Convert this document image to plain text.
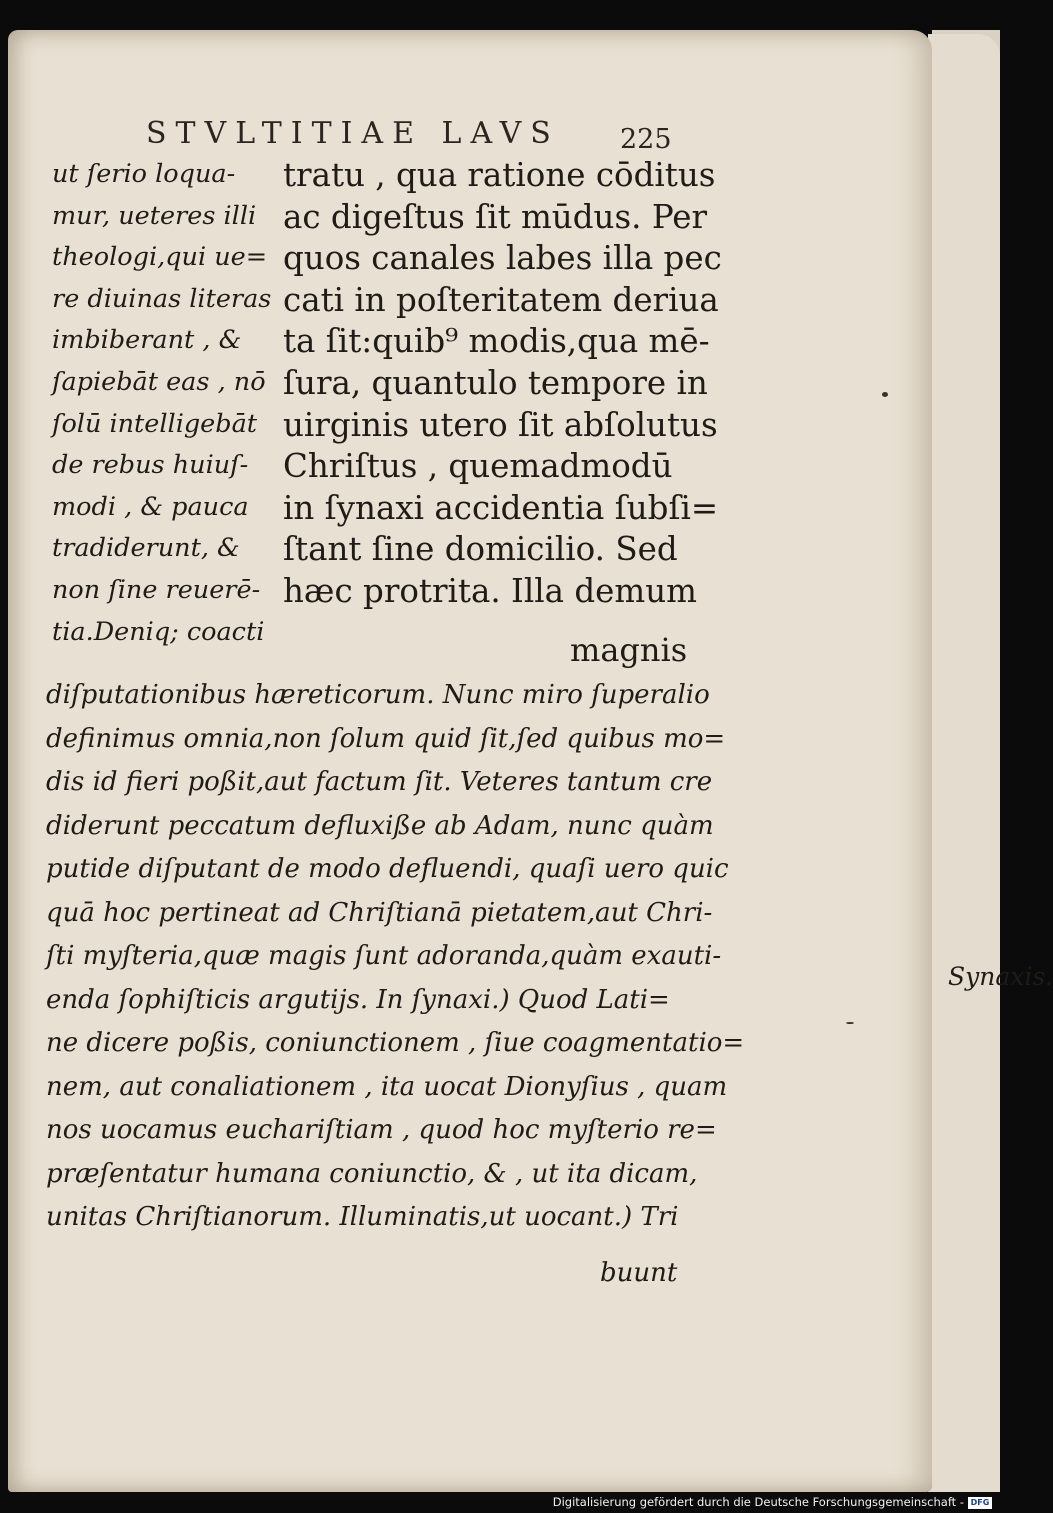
STVLTITIAE LAVS 225
ut ſerio loqua-
mur, ueteres illi
theologi,qui ue=
re diuinas literas
imbiberant , &
ſapiebāt eas , nō
ſolū intelligebāt
de rebus huiuſ-
modi , & pauca
tradiderunt, &
non ſine reuerē-
tia.Deniq; coacti
tratu , qua ratione cōditus
ac digeſtus ſit mūdus. Per
quos canales labes illa pec
cati in poſteritatem deriua
ta ſit:quib⁹ modis,qua mē-
ſura, quantulo tempore in
uirginis utero ſit abſolutus
Chriſtus , quemadmodū
in ſynaxi accidentia ſubſi=
ſtant ſine domicilio. Sed
hæc protrita. Illa demum
magnis
diſputationibus hæreticorum. Nunc miro ſuperalio
definimus omnia,non ſolum quid ſit,ſed quibus mo=
dis id fieri poßit,aut factum ſit. Veteres tantum cre
diderunt peccatum defluxiße ab Adam, nunc quàm
putide diſputant de modo defluendi, quaſi uero quic
quā hoc pertineat ad Chriſtianā pietatem,aut Chri-
ſti myſteria,quæ magis ſunt adoranda,quàm exauti-
enda ſophiſticis argutijs. In ſynaxi.) Quod Lati=
ne dicere poßis, coniunctionem , ſiue coagmentatio=
nem, aut conaliationem , ita uocat Dionyſius , quam
nos uocamus euchariſtiam , quod hoc myſterio re=
præſentatur humana coniunctio, & , ut ita dicam,
unitas Chriſtianorum. Illuminatis,ut uocant.) Tri
buunt
Synaxis.
Digitalisierung gefördert durch die Deutsche Forschungsgemeinschaft - DFG
